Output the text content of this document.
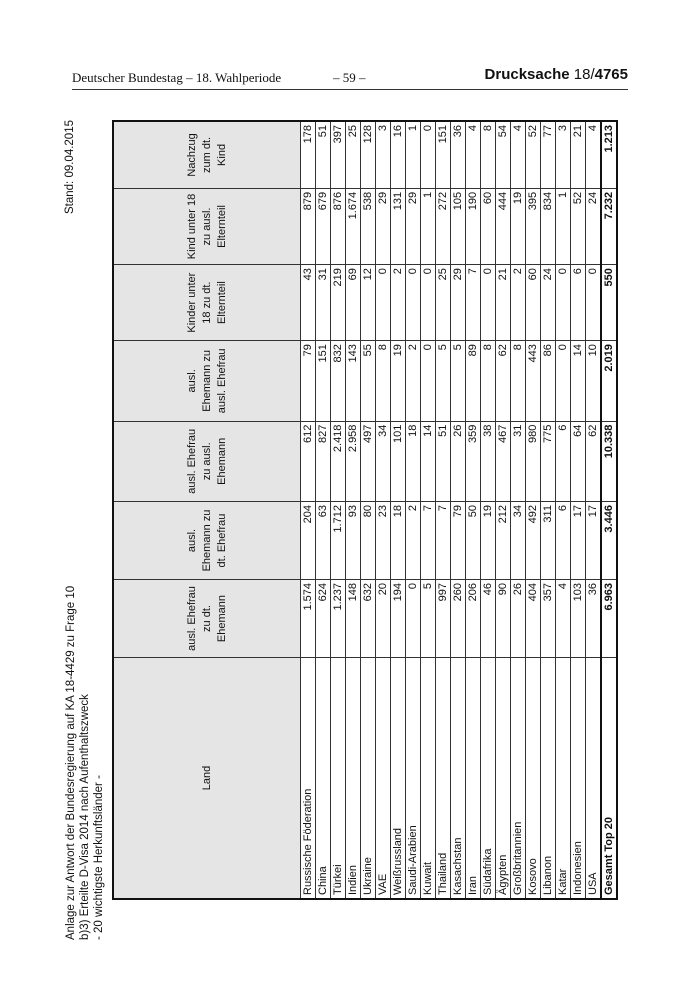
Deutscher Bundestag – 18. Wahlperiode	– 59 –	Drucksache 18/4765
Anlage zur Antwort der Bundesregierung auf KA 18-4429 zu Frage 10 b)3) Erteilte D-Visa 2014 nach Aufenthaltszweck - 20 wichtigste Herkunftsländer -
Stand: 09.04.2015
Land	ausl. Ehefrau zu dt. Ehemann	ausl. Ehemann zu dt. Ehefrau	ausl. Ehefrau zu ausl. Ehemann	ausl. Ehemann zu ausl. Ehefrau	Kinder unter 18 zu dt. Elternteil	Kind unter 18 zu ausl. Elternteil	Nachzug zum dt. Kind
Russische Föderation	1.574	204	612	79	43	879	178
China	624	63	827	151	31	679	51
Türkei	1.237	1.712	2.418	832	219	876	397
Indien	148	93	2.958	143	69	1.674	25
Ukraine	632	80	497	55	12	538	128
VAE	20	23	34	8	0	29	3
Weißrussland	194	18	101	19	2	131	16
Saudi-Arabien	0	2	18	2	0	29	1
Kuwait	5	7	14	0	0	1	0
Thailand	997	7	51	5	25	272	151
Kasachstan	260	79	26	5	29	105	36
Iran	206	50	359	89	7	190	4
Südafrika	46	19	38	8	0	60	8
Ägypten	90	212	467	62	21	444	54
Großbritannien	26	34	31	8	2	19	4
Kosovo	404	492	980	443	60	395	52
Libanon	357	311	775	86	24	834	77
Katar	4	6	6	0	0	1	3
Indonesien	103	17	64	14	6	52	21
USA	36	17	62	10	0	24	4
Gesamt Top 20	6.963	3.446	10.338	2.019	550	7.232	1.213
